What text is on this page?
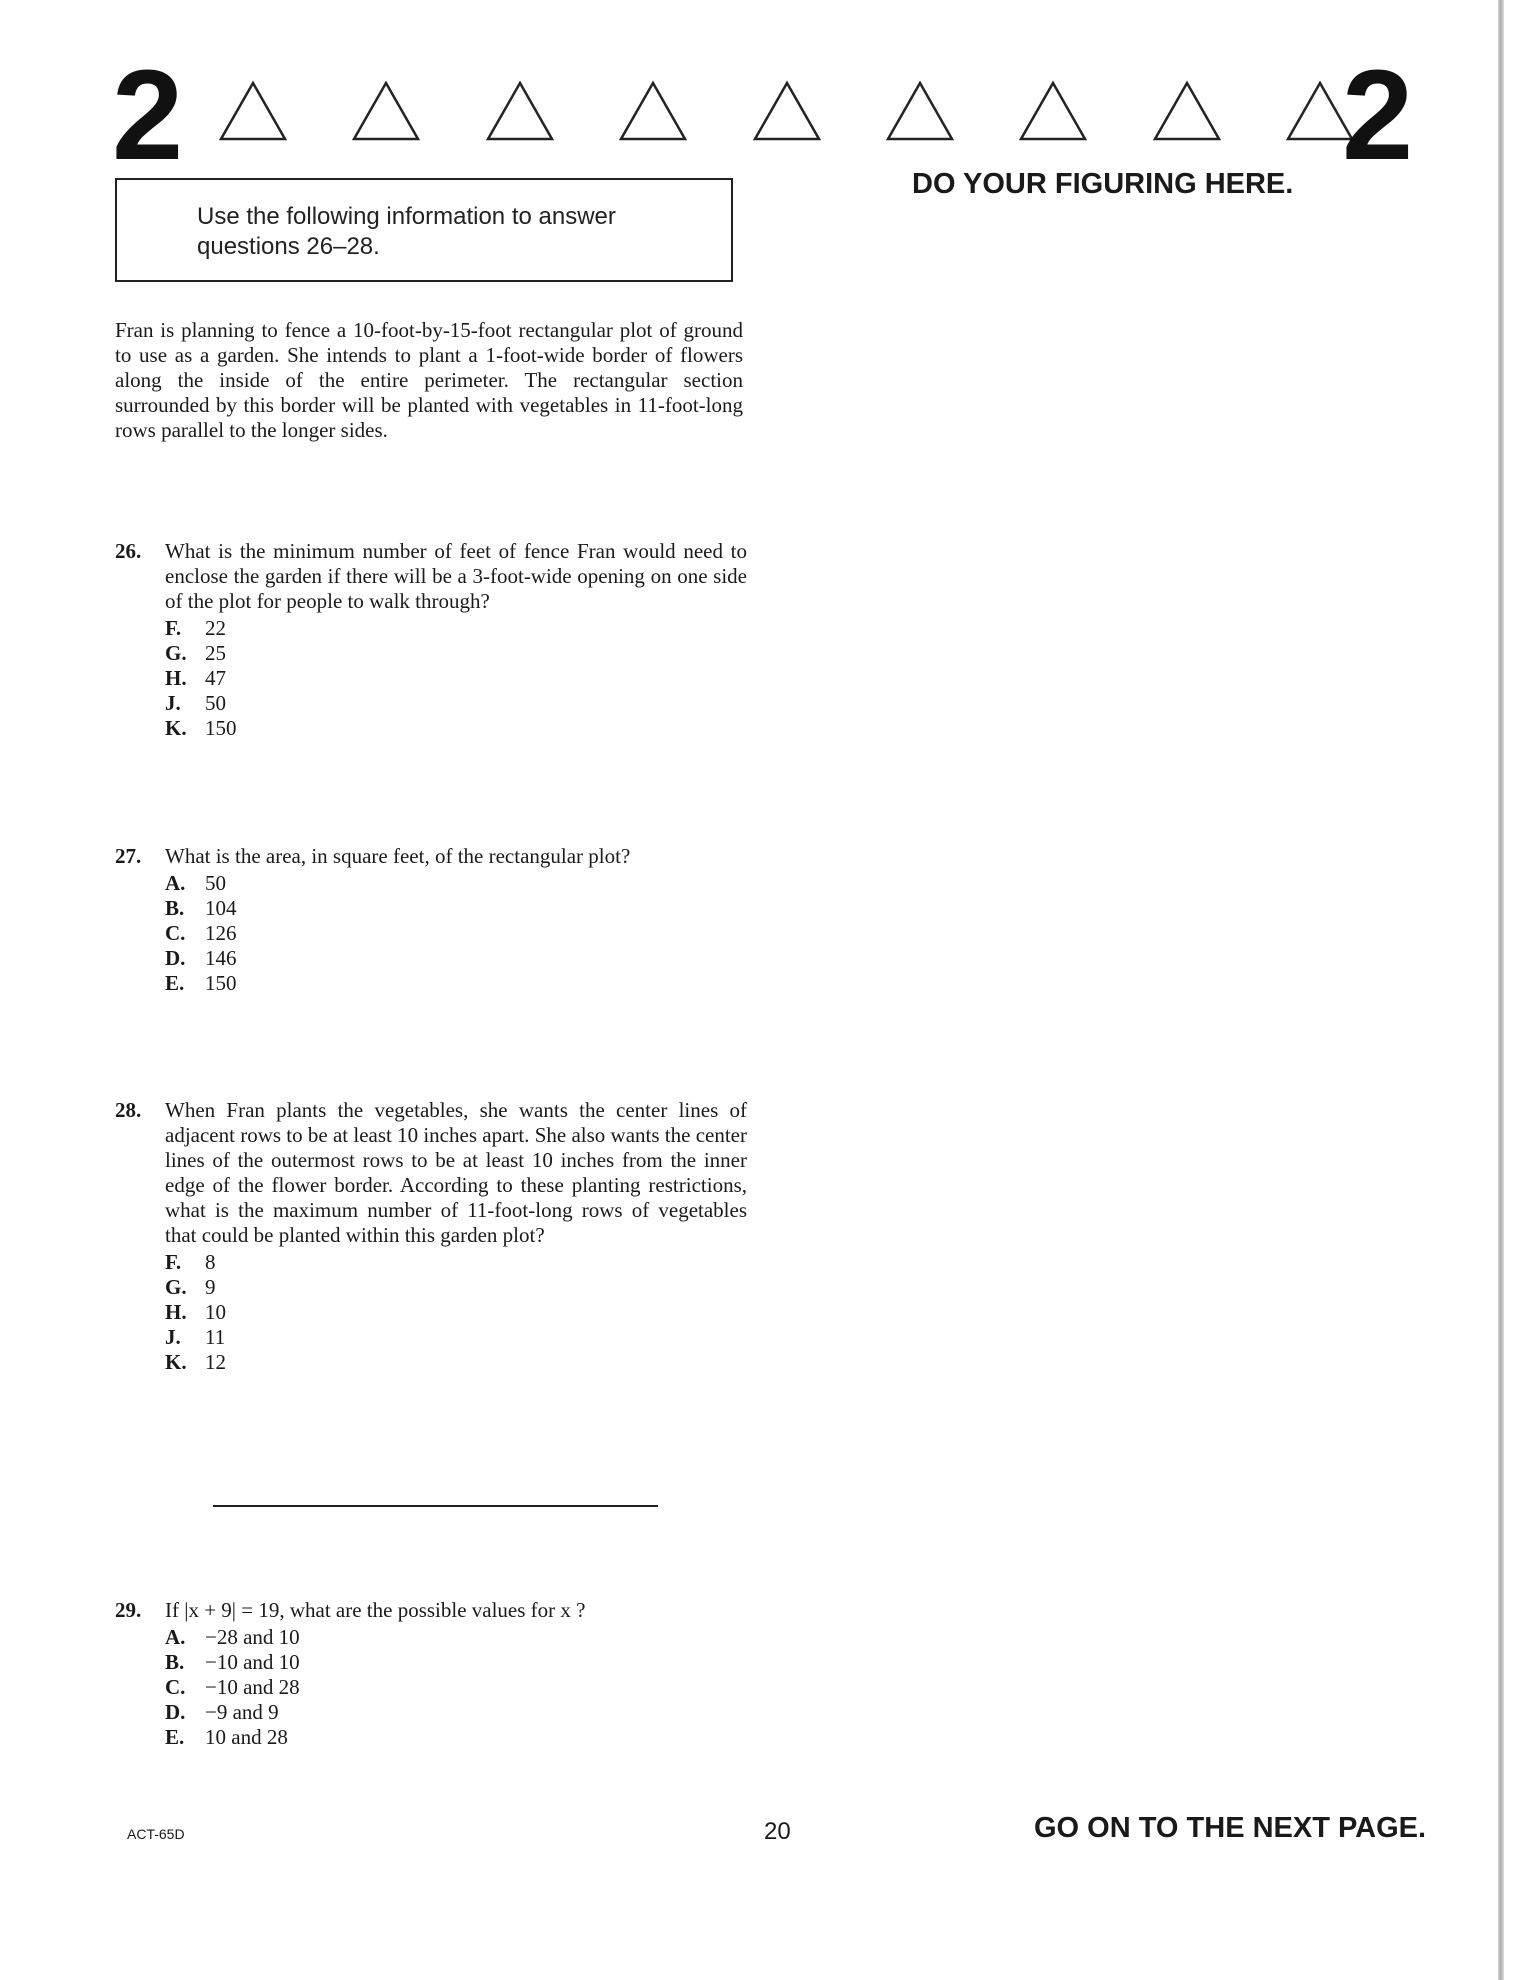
2	2
Use the following information to answer
questions 26–28.
DO YOUR FIGURING HERE.
Fran is planning to fence a 10-foot-by-15-foot rectangular plot of ground to use as a garden. She intends to plant a 1-foot-wide border of flowers along the inside of the entire perimeter. The rectangular section surrounded by this border will be planted with vegetables in 11-foot-long rows parallel to the longer sides.
26.	What is the minimum number of feet of fence Fran would need to enclose the garden if there will be a 3-foot-wide opening on one side of the plot for people to walk through?
F.	22
G. 25
H. 47
J.	50
K. 150
27.	What is the area, in square feet, of the rectangular plot?
A. 50
B. 104
C. 126
D. 146
E. 150
28.	When Fran plants the vegetables, she wants the center lines of adjacent rows to be at least 10 inches apart. She also wants the center lines of the outermost rows to be at least 10 inches from the inner edge of the flower border. According to these planting restrictions, what is the maximum number of 11-foot-long rows of vegetables that could be planted within this garden plot?
F.	8
G. 9
H. 10
J.	11
K. 12
29.	If |x + 9| = 19, what are the possible values for x ?
A. −28 and 10
B. −10 and 10
C. −10 and 28
D. −9 and 9
E. 10 and 28
ACT-65D	20	GO ON TO THE NEXT PAGE.
